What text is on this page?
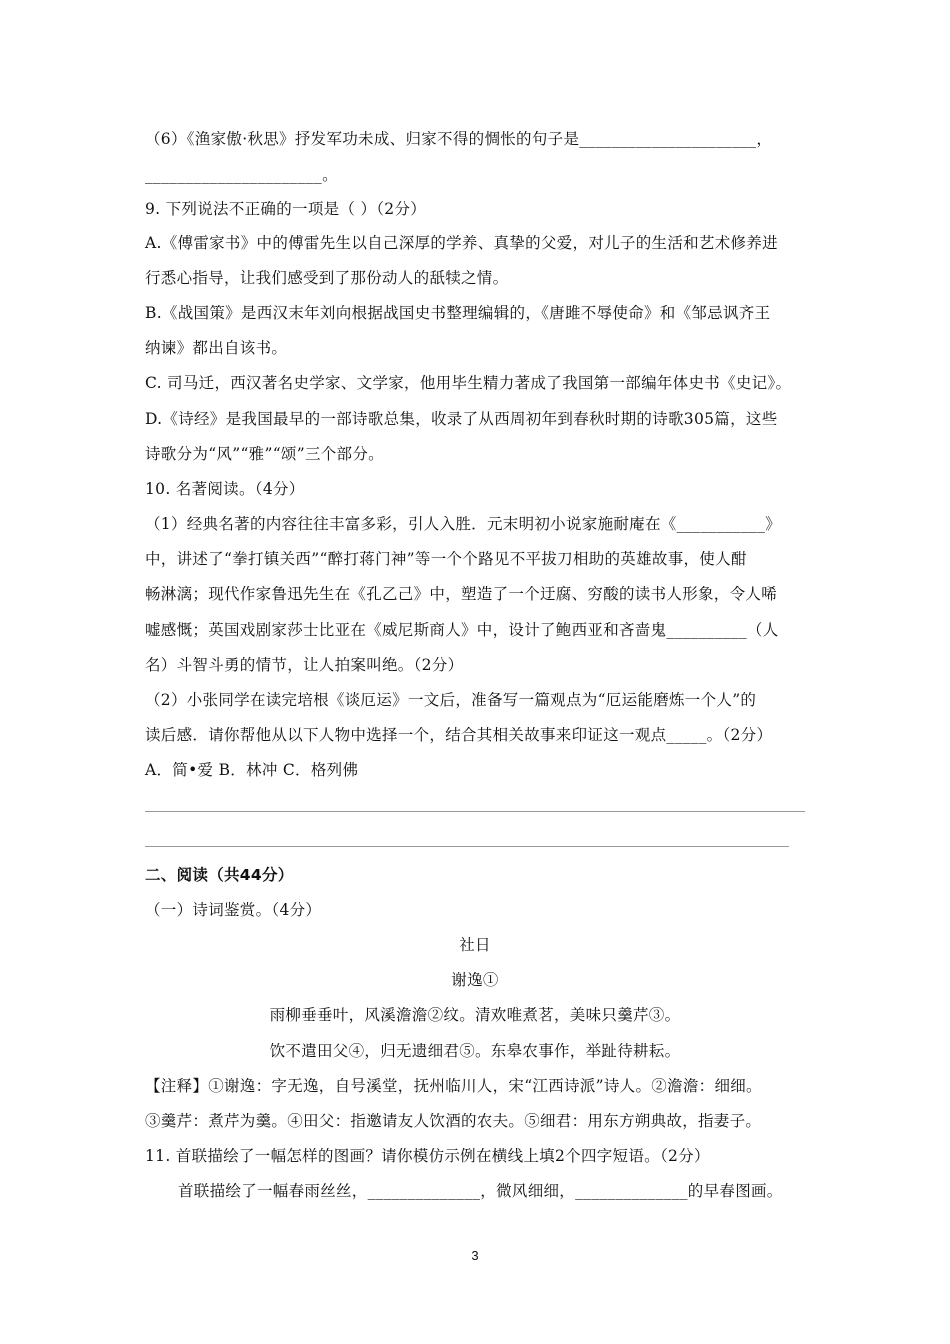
（6）《渔家傲·秋思》抒发军功未成、归家不得的惆怅的句子是______________________，
______________________。
9. 下列说法不正确的一项是（ ）（2分）
A.《傅雷家书》中的傅雷先生以自己深厚的学养、真挚的父爱，对儿子的生活和艺术修养进
行悉心指导，让我们感受到了那份动人的舐犊之情。
B.《战国策》是西汉末年刘向根据战国史书整理编辑的，《唐雎不辱使命》和《邹忌讽齐王
纳谏》都出自该书。
C. 司马迁，西汉著名史学家、文学家，他用毕生精力著成了我国第一部编年体史书《史记》。
D.《诗经》是我国最早的一部诗歌总集，收录了从西周初年到春秋时期的诗歌305篇，这些
诗歌分为“风”“雅”“颂”三个部分。
10. 名著阅读。（4分）
（1）经典名著的内容往往丰富多彩，引人入胜．元末明初小说家施耐庵在《___________》
中，讲述了“拳打镇关西”“醉打蒋门神”等一个个路见不平拔刀相助的英雄故事，使人酣
畅淋漓；现代作家鲁迅先生在《孔乙己》中，塑造了一个迂腐、穷酸的读书人形象，令人唏
嘘感慨；英国戏剧家莎士比亚在《威尼斯商人》中，设计了鲍西亚和吝啬鬼__________（人
名）斗智斗勇的情节，让人拍案叫绝。（2分）
（2）小张同学在读完培根《谈厄运》一文后，准备写一篇观点为“厄运能磨炼一个人”的
读后感．请你帮他从以下人物中选择一个，结合其相关故事来印证这一观点_____。（2分）
A．简•爱 B．林冲 C．格列佛
二、阅读（共44分）
（一）诗词鉴赏。（4分）
社日
谢逸①
雨柳垂垂叶，风溪澹澹②纹。清欢唯煮茗，美味只羹芹③。
饮不遣田父④，归无遗细君⑤。东皋农事作，举趾待耕耘。
【注释】①谢逸：字无逸，自号溪堂，抚州临川人，宋“江西诗派”诗人。②澹澹：细细。
③羹芹：煮芹为羹。④田父：指邀请友人饮酒的农夫。⑤细君：用东方朔典故，指妻子。
11. 首联描绘了一幅怎样的图画？请你模仿示例在横线上填2个四字短语。（2分）
首联描绘了一幅春雨丝丝，______________，微风细细，______________的早春图画。
3
